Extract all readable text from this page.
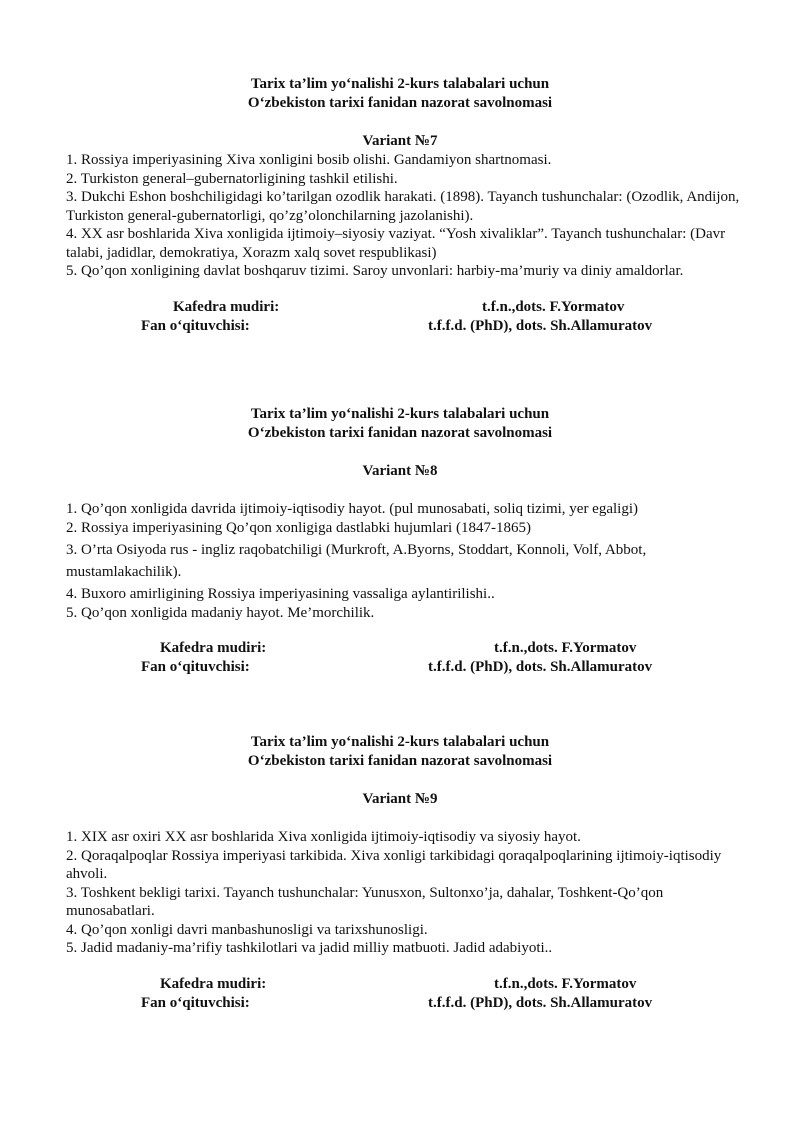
Tarix ta’lim yo‘nalishi 2-kurs talabalari uchun

O‘zbekiston tarixi fanidan nazorat savolnomasi

Variant №7

1. Rossiya imperiyasining Xiva xonligini bosib olishi. Gandamiyon shartnomasi.
2. Turkiston general–gubernatorligining tashkil etilishi.
3. Dukchi Eshon boshchiligidagi ko’tarilgan ozodlik harakati. (1898). Tayanch tushunchalar: (Ozodlik, Andijon, Turkiston general-gubernatorligi, qo’zg’olonchilarning jazolanishi).
4. XX asr boshlarida Xiva xonligida ijtimoiy–siyosiy vaziyat. “Yosh xivaliklar”. Tayanch tushunchalar: (Davr talabi, jadidlar, demokratiya, Xorazm xalq sovet respublikasi)
5. Qo’qon xonligining davlat boshqaruv tizimi. Saroy unvonlari: harbiy-ma’muriy va diniy amaldorlar.
Kafedra mudiri:	t.f.n.,dots. F.Yormatov
Fan o‘qituvchisi:	t.f.f.d. (PhD), dots. Sh.Allamuratov

Tarix ta’lim yo‘nalishi 2-kurs talabalari uchun

O‘zbekiston tarixi fanidan nazorat savolnomasi

Variant №8

1. Qo’qon xonligida davrida ijtimoiy-iqtisodiy hayot. (pul munosabati, soliq tizimi, yer egaligi)
2. Rossiya imperiyasining Qo’qon xonligiga dastlabki hujumlari (1847-1865)
3. O’rta Osiyoda rus - ingliz raqobatchiligi (Murkroft, A.Byorns, Stoddart, Konnoli, Volf, Abbot, mustamlakachilik).
4. Buxoro amirligining Rossiya imperiyasining vassaliga aylantirilishi..
5. Qo’qon xonligida madaniy hayot. Me’morchilik.
Kafedra mudiri:	t.f.n.,dots. F.Yormatov
Fan o‘qituvchisi:	t.f.f.d. (PhD), dots. Sh.Allamuratov

Tarix ta’lim yo‘nalishi 2-kurs talabalari uchun

O‘zbekiston tarixi fanidan nazorat savolnomasi

Variant №9

1. XIX asr oxiri XX asr boshlarida Xiva xonligida ijtimoiy-iqtisodiy va siyosiy hayot.
2. Qoraqalpoqlar Rossiya imperiyasi tarkibida. Xiva xonligi tarkibidagi qoraqalpoqlarining ijtimoiy-iqtisodiy ahvoli.
3. Toshkent bekligi tarixi. Tayanch tushunchalar: Yunusxon, Sultonxo’ja, dahalar, Toshkent-Qo’qon munosabatlari.
4. Qo’qon xonligi davri manbashunosligi va tarixshunosligi.
5. Jadid madaniy-ma’rifiy tashkilotlari va jadid milliy matbuoti. Jadid adabiyoti..
Kafedra mudiri:	t.f.n.,dots. F.Yormatov
Fan o‘qituvchisi:	t.f.f.d. (PhD), dots. Sh.Allamuratov
